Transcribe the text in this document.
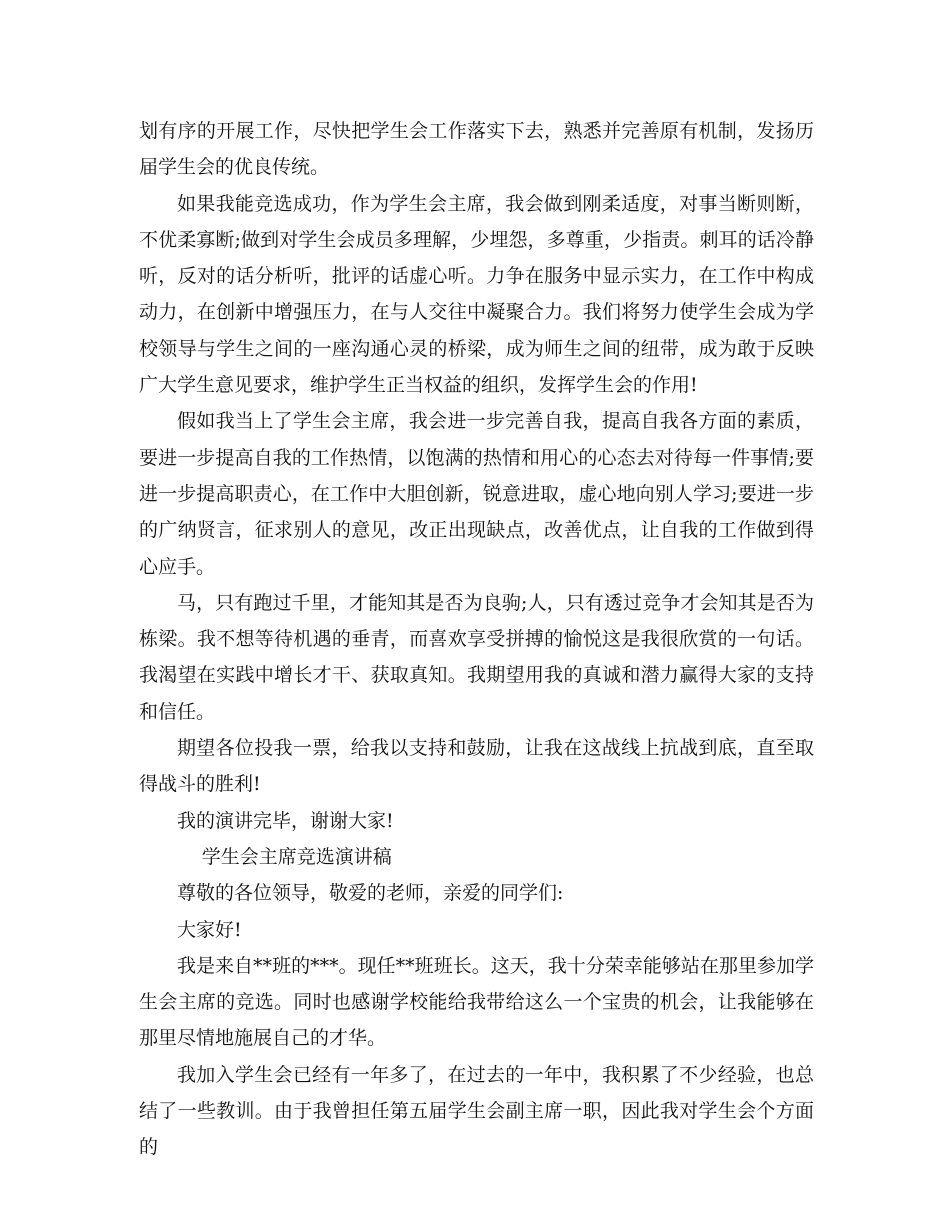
划有序的开展工作，尽快把学生会工作落实下去，熟悉并完善原有机制，发扬历届学生会的优良传统。

如果我能竞选成功，作为学生会主席，我会做到刚柔适度，对事当断则断，不优柔寡断;做到对学生会成员多理解，少埋怨，多尊重，少指责。刺耳的话冷静听，反对的话分析听，批评的话虚心听。力争在服务中显示实力，在工作中构成动力，在创新中增强压力，在与人交往中凝聚合力。我们将努力使学生会成为学校领导与学生之间的一座沟通心灵的桥梁，成为师生之间的纽带，成为敢于反映广大学生意见要求，维护学生正当权益的组织，发挥学生会的作用!

假如我当上了学生会主席，我会进一步完善自我，提高自我各方面的素质，要进一步提高自我的工作热情，以饱满的热情和用心的心态去对待每一件事情;要进一步提高职责心，在工作中大胆创新，锐意进取，虚心地向别人学习;要进一步的广纳贤言，征求别人的意见，改正出现缺点，改善优点，让自我的工作做到得心应手。

马，只有跑过千里，才能知其是否为良驹;人，只有透过竞争才会知其是否为栋梁。我不想等待机遇的垂青，而喜欢享受拼搏的愉悦这是我很欣赏的一句话。我渴望在实践中增长才干、获取真知。我期望用我的真诚和潜力赢得大家的支持和信任。

期望各位投我一票，给我以支持和鼓励，让我在这战线上抗战到底，直至取得战斗的胜利!

我的演讲完毕，谢谢大家!

学生会主席竞选演讲稿

尊敬的各位领导，敬爱的老师，亲爱的同学们:

大家好!

我是来自**班的***。现任**班班长。这天，我十分荣幸能够站在那里参加学生会主席的竞选。同时也感谢学校能给我带给这么一个宝贵的机会，让我能够在那里尽情地施展自己的才华。

我加入学生会已经有一年多了，在过去的一年中，我积累了不少经验，也总结了一些教训。由于我曾担任第五届学生会副主席一职，因此我对学生会个方面的
